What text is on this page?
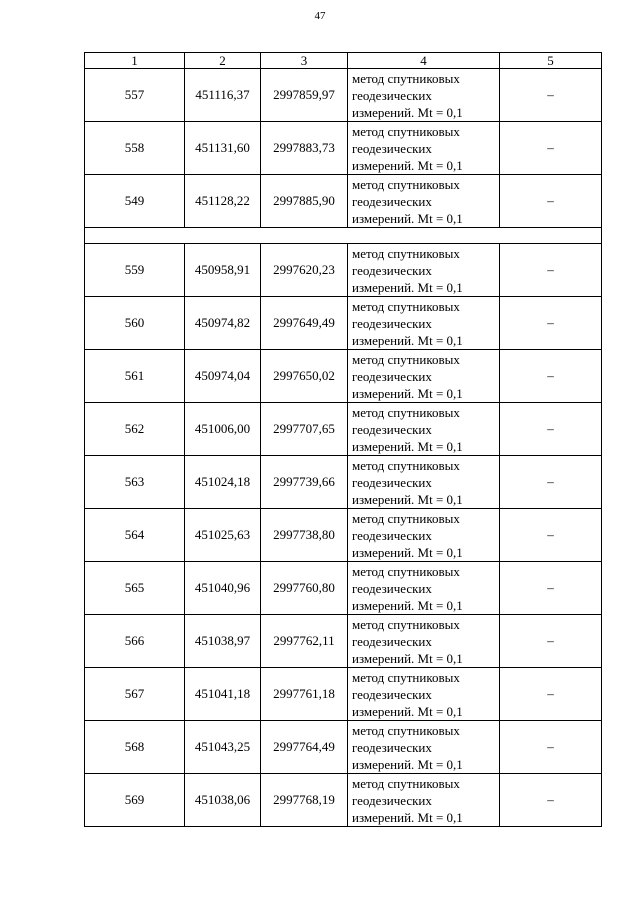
47
1	2	3	4	5
557	451116,37	2997859,97	метод спутниковых
геодезических
измерений. Mt = 0,1	–
558	451131,60	2997883,73	метод спутниковых
геодезических
измерений. Mt = 0,1	–
549	451128,22	2997885,90	метод спутниковых
геодезических
измерений. Mt = 0,1	–

559	450958,91	2997620,23	метод спутниковых
геодезических
измерений. Mt = 0,1	–
560	450974,82	2997649,49	метод спутниковых
геодезических
измерений. Mt = 0,1	–
561	450974,04	2997650,02	метод спутниковых
геодезических
измерений. Mt = 0,1	–
562	451006,00	2997707,65	метод спутниковых
геодезических
измерений. Mt = 0,1	–
563	451024,18	2997739,66	метод спутниковых
геодезических
измерений. Mt = 0,1	–
564	451025,63	2997738,80	метод спутниковых
геодезических
измерений. Mt = 0,1	–
565	451040,96	2997760,80	метод спутниковых
геодезических
измерений. Mt = 0,1	–
566	451038,97	2997762,11	метод спутниковых
геодезических
измерений. Mt = 0,1	–
567	451041,18	2997761,18	метод спутниковых
геодезических
измерений. Mt = 0,1	–
568	451043,25	2997764,49	метод спутниковых
геодезических
измерений. Mt = 0,1	–
569	451038,06	2997768,19	метод спутниковых
геодезических
измерений. Mt = 0,1	–
